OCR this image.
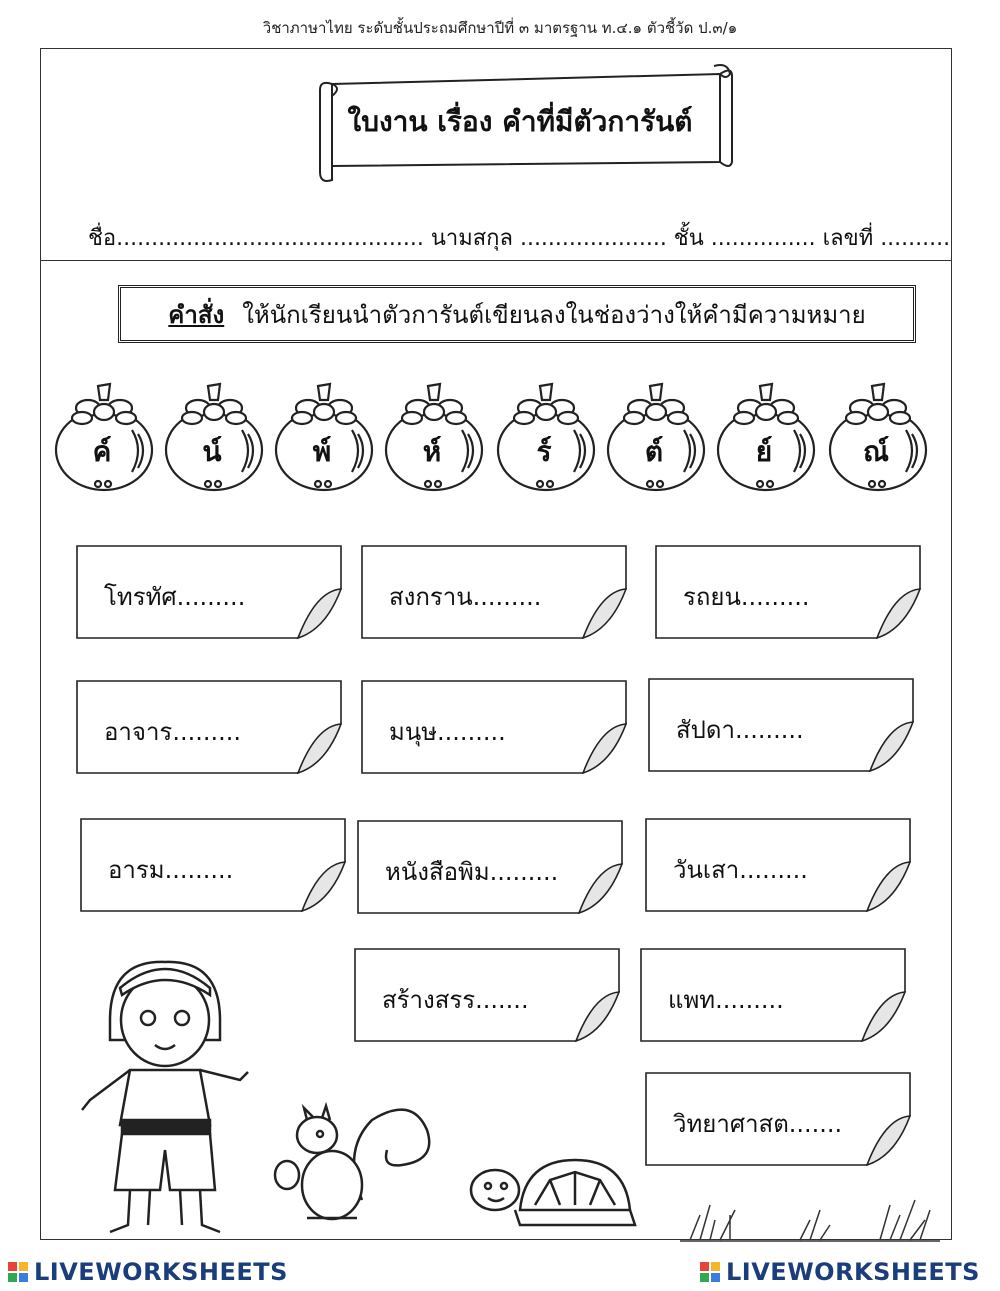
วิชาภาษาไทย ระดับชั้นประถมศึกษาปีที่ ๓ มาตรฐาน ท.๔.๑ ตัวชี้วัด ป.๓/๑
ใบงาน เรื่อง คำที่มีตัวการันต์
ชื่อ............................................ นามสกุล ..................... ชั้น ............... เลขที่ ..........
คำสั่ง ให้นักเรียนนำตัวการันต์เขียนลงในช่องว่างให้คำมีความหมาย
ค์	น์	พ์	ห์	ร์	ต์	ย์	ณ์
โทรทัศ.........	สงกราน.........	รถยน.........
อาจาร.........	มนุษ.........	สัปดา.........
อารม.........	หนังสือพิม.........	วันเสา.........
สร้างสรร.......	แพท.........
วิทยาศาสต.......
LIVEWORKSHEETS	LIVEWORKSHEETS
